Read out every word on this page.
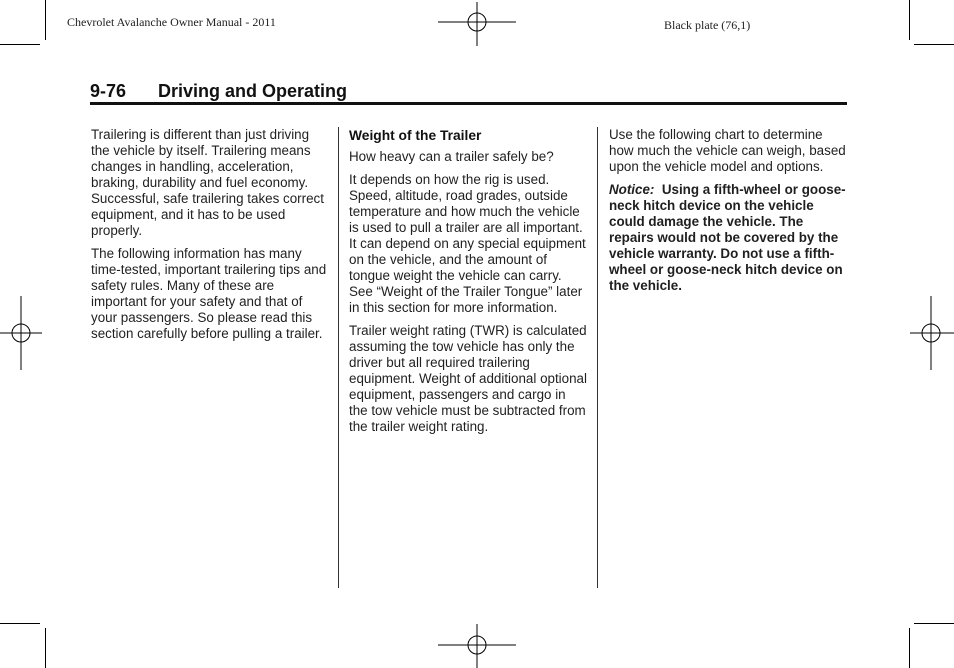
Chevrolet Avalanche Owner Manual - 2011	Black plate (76,1)
9-76 Driving and Operating

Trailering is different than just driving the vehicle by itself. Trailering means changes in handling, acceleration, braking, durability and fuel economy. Successful, safe trailering takes correct equipment, and it has to be used properly.

The following information has many time-tested, important trailering tips and safety rules. Many of these are important for your safety and that of your passengers. So please read this section carefully before pulling a trailer.

Weight of the Trailer

How heavy can a trailer safely be?

It depends on how the rig is used. Speed, altitude, road grades, outside temperature and how much the vehicle is used to pull a trailer are all important. It can depend on any special equipment on the vehicle, and the amount of tongue weight the vehicle can carry. See “Weight of the Trailer Tongue” later in this section for more information.

Trailer weight rating (TWR) is calculated assuming the tow vehicle has only the driver but all required trailering equipment. Weight of additional optional equipment, passengers and cargo in the tow vehicle must be subtracted from the trailer weight rating.

Use the following chart to determine how much the vehicle can weigh, based upon the vehicle model and options.

Notice: Using a fifth-wheel or goose-neck hitch device on the vehicle could damage the vehicle. The repairs would not be covered by the vehicle warranty. Do not use a fifth-wheel or goose-neck hitch device on the vehicle.
